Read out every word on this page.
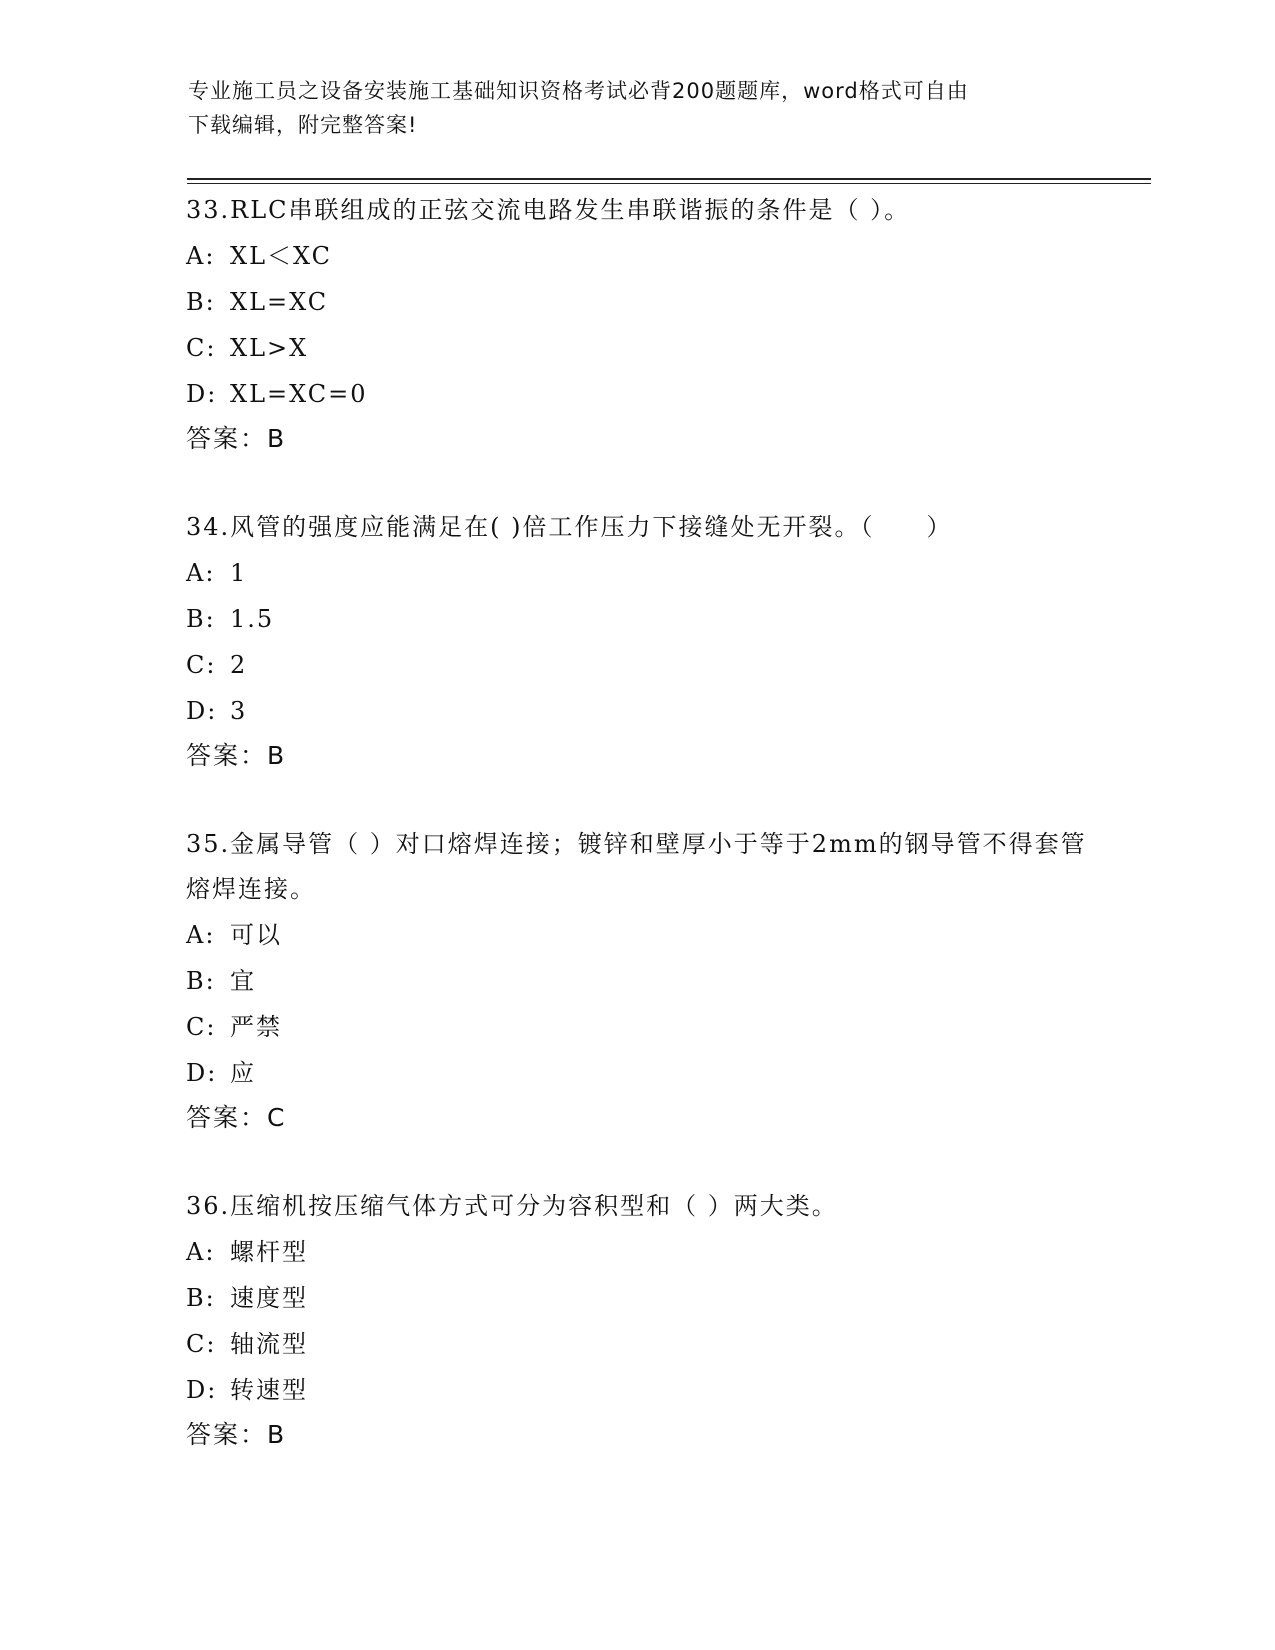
专业施工员之设备安装施工基础知识资格考试必背200题题库，word格式可自由
下载编辑，附完整答案!

33.RLC串联组成的正弦交流电路发生串联谐振的条件是（ ）。

A: XL＜XC

B: XL=XC

C: XL>X

D: XL=XC=0

答案：B

34.风管的强度应能满足在( )倍工作压力下接缝处无开裂。（　　）

A: 1

B: 1.5

C: 2

D: 3

答案：B

35.金属导管（ ）对口熔焊连接；镀锌和壁厚小于等于2mm的钢导管不得套管熔焊连接。

A: 可以

B: 宜

C: 严禁

D: 应

答案：C

36.压缩机按压缩气体方式可分为容积型和（ ）两大类。

A: 螺杆型

B: 速度型

C: 轴流型

D: 转速型

答案：B
